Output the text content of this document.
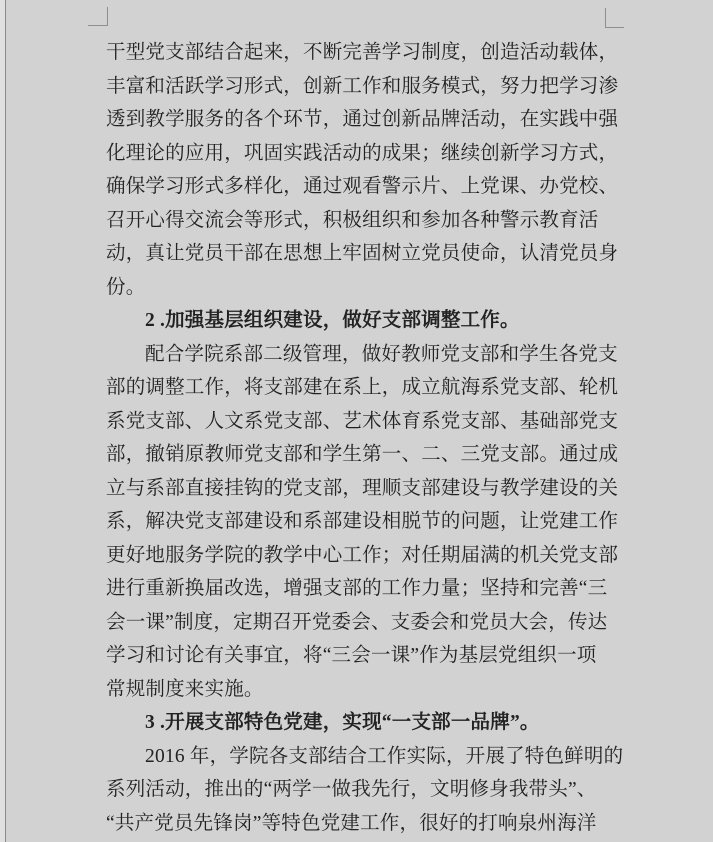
干型党支部结合起来，不断完善学习制度，创造活动载体，
丰富和活跃学习形式，创新工作和服务模式，努力把学习渗
透到教学服务的各个环节，通过创新品牌活动，在实践中强
化理论的应用，巩固实践活动的成果；继续创新学习方式，
确保学习形式多样化，通过观看警示片、上党课、办党校、
召开心得交流会等形式，积极组织和参加各种警示教育活
动，真让党员干部在思想上牢固树立党员使命，认清党员身
份。
2 .加强基层组织建设，做好支部调整工作。
配合学院系部二级管理，做好教师党支部和学生各党支
部的调整工作，将支部建在系上，成立航海系党支部、轮机
系党支部、人文系党支部、艺术体育系党支部、基础部党支
部，撤销原教师党支部和学生第一、二、三党支部。通过成
立与系部直接挂钩的党支部，理顺支部建设与教学建设的关
系，解决党支部建设和系部建设相脱节的问题，让党建工作
更好地服务学院的教学中心工作；对任期届满的机关党支部
进行重新换届改选，增强支部的工作力量；坚持和完善“三
会一课”制度，定期召开党委会、支委会和党员大会，传达
学习和讨论有关事宜，将“三会一课”作为基层党组织一项
常规制度来实施。
3 .开展支部特色党建，实现“一支部一品牌”。
2016 年，学院各支部结合工作实际，开展了特色鲜明的
系列活动，推出的“两学一做我先行，文明修身我带头”、
“共产党员先锋岗”等特色党建工作，很好的打响泉州海洋
